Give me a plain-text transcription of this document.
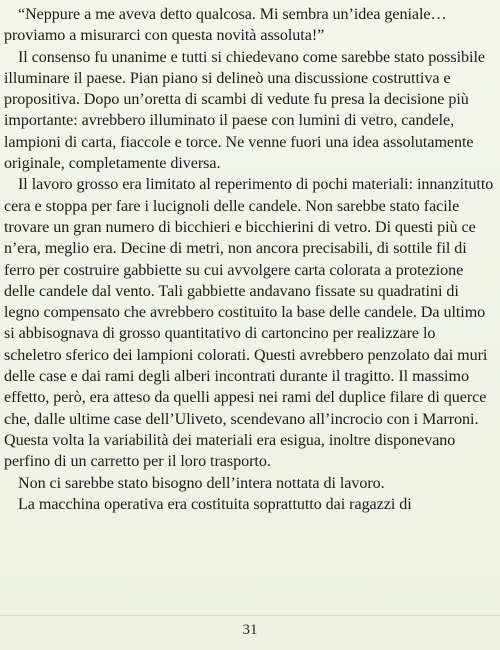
“Neppure a me aveva detto qualcosa. Mi sembra un’idea geniale… proviamo a misurarci con questa novità assoluta!”

Il consenso fu unanime e tutti si chiedevano come sarebbe stato possibile illuminare il paese. Pian piano si delineò una discussione costruttiva e propositiva. Dopo un’oretta di scambi di vedute fu presa la decisione più importante: avrebbero illuminato il paese con lumini di vetro, candele, lampioni di carta, fiaccole e torce. Ne venne fuori una idea assolutamente originale, completamente diversa.

Il lavoro grosso era limitato al reperimento di pochi materiali: innanzitutto cera e stoppa per fare i lucignoli delle candele. Non sarebbe stato facile trovare un gran numero di bicchieri e bicchierini di vetro. Di questi più ce n’era, meglio era. Decine di metri, non ancora precisabili, di sottile fil di ferro per costruire gabbiette su cui avvolgere carta colorata a protezione delle candele dal vento. Tali gabbiette andavano fissate su quadratini di legno compensato che avrebbero costituito la base delle candele. Da ultimo si abbisognava di grosso quantitativo di cartoncino per realizzare lo scheletro sferico dei lampioni colorati. Questi avrebbero penzolato dai muri delle case e dai rami degli alberi incontrati durante il tragitto. Il massimo effetto, però, era atteso da quelli appesi nei rami del duplice filare di querce che, dalle ultime case dell’Uliveto, scendevano all’incrocio con i Marroni. Questa volta la variabilità dei materiali era esigua, inoltre disponevano perfino di un carretto per il loro trasporto.

Non ci sarebbe stato bisogno dell’intera nottata di lavoro.

La macchina operativa era costituita soprattutto dai ragazzi di

31
